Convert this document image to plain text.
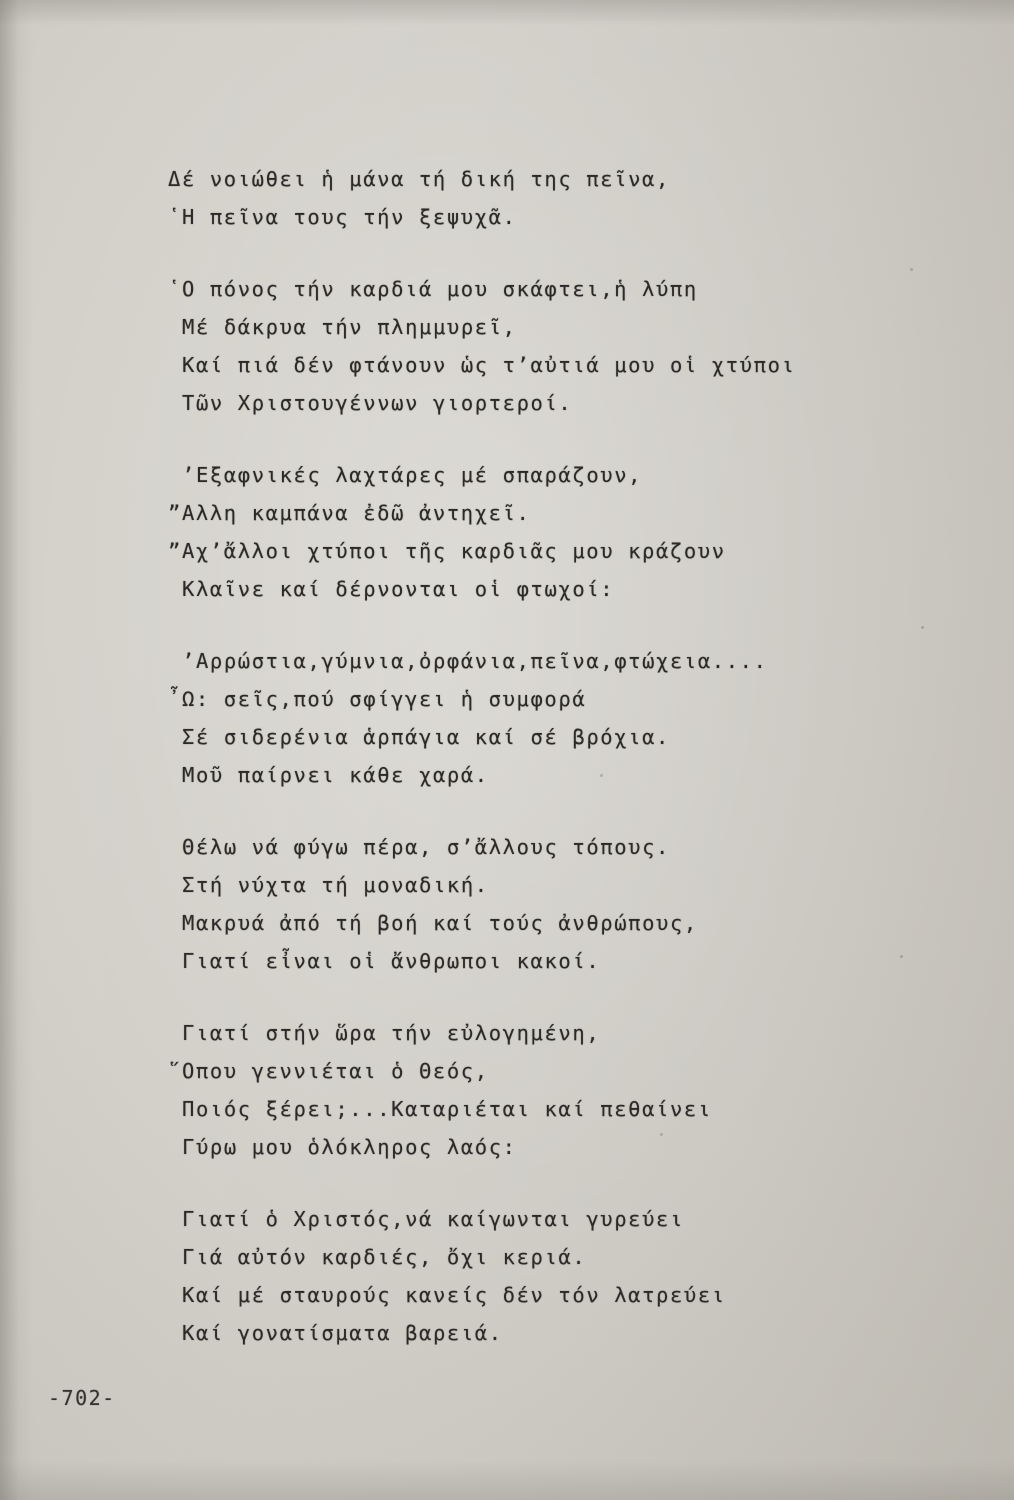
Δέ νοιώθει ἡ μάνα τή δική της πεῖνα,
῾Η πεῖνα τους τήν ξεψυχᾶ.
῾Ο πόνος τήν καρδιά μου σκάφτει,ἡ λύπη
Μέ δάκρυα τήν πλημμυρεῖ,
Καί πιά δέν φτάνουν ὡς τ’αὐτιά μου οἱ χτύποι
Τῶν Χριστουγέννων γιορτεροί.
’Εξαφνικές λαχτάρες μέ σπαράζουν,
”Αλλη καμπάνα ἐδῶ ἀντηχεῖ.
”Αχ’ἄλλοι χτύποι τῆς καρδιᾶς μου κράζουν
Κλαῖνε καί δέρνονται οἱ φτωχοί:
’Αρρώστια,γύμνια,ὀρφάνια,πεῖνα,φτώχεια....
῏Ω: σεῖς,πού σφίγγει ἡ συμφορά
Σέ σιδερένια ἁρπάγια καί σέ βρόχια.
Μοῦ παίρνει κάθε χαρά.
Θέλω νά φύγω πέρα, σ’ἄλλους τόπους.
Στή νύχτα τή μοναδική.
Μακρυά ἀπό τή βοή καί τούς ἀνθρώπους,
Γιατί εἶναι οἱ ἄνθρωποι κακοί.
Γιατί στήν ὥρα τήν εὐλογημένη,
῞Οπου γεννιέται ὁ Θεός,
Ποιός ξέρει;...Καταριέται καί πεθαίνει
Γύρω μου ὁλόκληρος λαός:
Γιατί ὁ Χριστός,νά καίγωνται γυρεύει
Γιά αὐτόν καρδιές, ὄχι κεριά.
Καί μέ σταυρούς κανείς δέν τόν λατρεύει
Καί γονατίσματα βαρειά.
-702-
